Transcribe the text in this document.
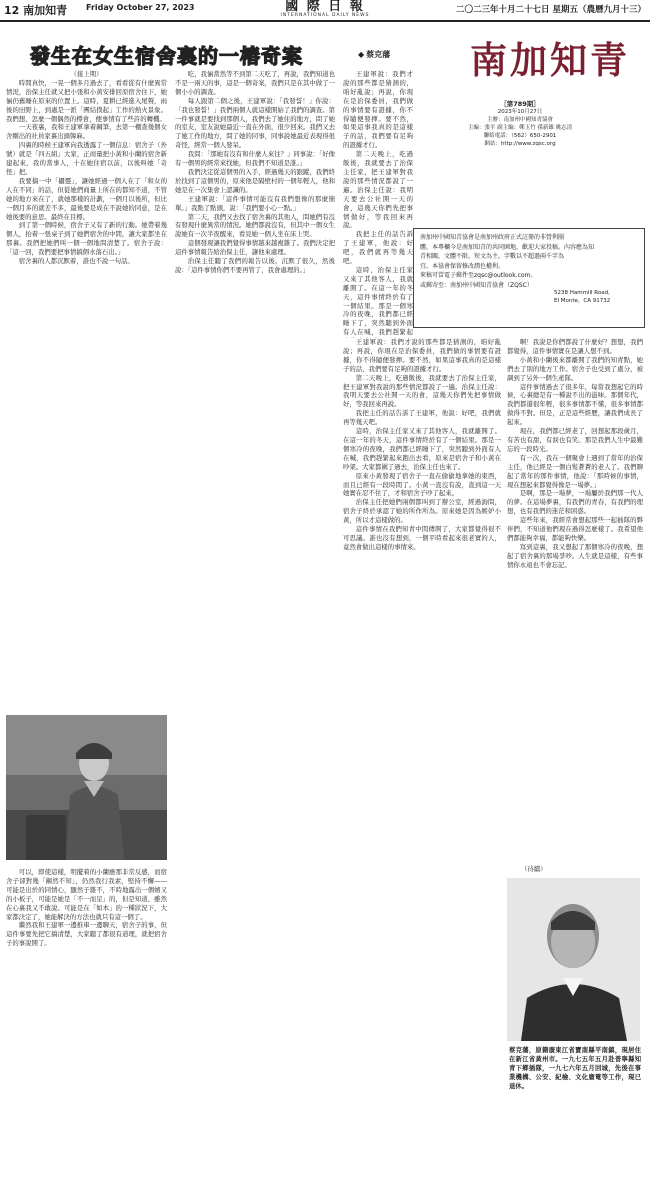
12 南加知青 Friday October 27, 2023	國 際 日 報
INTERNATIONAL DAILY NEWS
二〇二三年十月二十七日 星期五（農曆九月十三）
發生在女生宿舍裏的一樁奇案	◆ 蔡克藩 南加知青
［第789期］
2023年10月27日
主辦：南加州中國知青協會
主編：張平 副主編：鄭玉竹 孫新雄 姚志清
聯絡電話：（562）650-2901
網站：http://www.zqsc.org
南加州中國知青協會是南加州政府正式註冊的非營利團
體。本專欄今是南加知青的共同園地，歡迎大家投稿。內容應為知
青相關，文體不限。短文為主，字數以不超過兩千字為
宜。本協會保留修改潤色權利。
來稿可當電子郵件至zqsc@outlook.com。
或郵寄至：南加州中國知青協會（ZQSC）
5238 Hammill Road,
El Monte，CA 91732

（接上期）

時間真快，一晃一個多月過去了，看看從有什麼異常情況，治保主任就又把小張和小黃安排回原宿舍住下，她倆仍舊睡在原來的位置上。這時，夏耕已經進入尾聲，雨後的田野上，到處是一派「團結撲起」工作的熱火景象。我們想，怎麼一個偶然的標會，便事情有了些許的轉機。

一天夜裏，我和王建軍拿着鋼筆，去第一棚查幾個女舍剛出的社員家裏出頭韓麻。

四裏的時候王建軍向我透露了一個信息：宿舍子（外號）就是「四五組」大家，正商量把小黃和小蘭的宿舍新建起來，我的當事人，十在她住宿以前，以後叫她「奇怪」把。

我要搞一中「攝靈」，讓她經過一個人在了「和女的人在不同」的話，但從她們商量上所在的都知不道，不管她的地方來在了，就她那樣的計劃，一個月以後所，但比一個月多的就差不多，最後要是成在不說她的同意，是在她後要的意思。最終在目標。

到了第一個時候，宿舍子又有了新的行動。她帶着幾個人，抬着一張桌子到了她們宿舍的中間，讓大家都坐在那裏。我們把她們叫一個一個地問清楚了。宿舍子說：「這一回，我們要把事情搞個水落石出。」

宿舍裏的人都沉默着，誰也不說一句話。

可以，即使這樣，明擺着的小蘭應那非常反感，而宿舍子卻對幾「鋼然不知」，仍然我行我素，堅持不懈——可能是出於的同情心，顯然子雜不，不時地露出一個嬉又的小板子，可能是她是「不一而足」的，但是知道，雖然在心裏我又不敢說。可能是在「如本」的一種狀況下，大家都決定了，她能解決的方法也就只有這一個了。

繼然我和王建軍一邊推車一邊聊天，宿舍子的事，但這件事要先把它搞清楚，大家聽了都很有道理，就把宿舍子的事說開了。

吃，我倆當然等不到第二天吃了，再說，我們知道也不是一兩天的事，這是一個奇案，我們只是在其中做了一個小小的調查。

每人跟第二個之後，王建軍說：「我發誓！」你說：「我也發誓！」我們兩個人就這樣開始了我們的調查。第一件事就是要找到那個人，我們去了她住的地方，問了她的室友，室友說她最近一直在外面，很少回來。我們又去了她工作的地方，問了她的同事，同事說她最近表現得很奇怪，經常一個人發呆。

我問：「那她有沒有和什麼人來往？」同事說：「好像有一個男的經常來找她，但我們不知道是誰。」

我們決定從這個男的入手，經過幾天的跟蹤，我們終於找到了這個男的，原來他是隔壁村的一個年輕人，他和她是在一次集會上認識的。

王建軍說：「這件事情可能沒有我們想像的那麼簡單。」我點了點頭，說：「我們要小心一點。」

第二天，我們又去找了宿舍裏的其他人，問她們有沒有發現什麼異常的情況。她們都說沒有，但其中一個女生說她有一次半夜醒來，看見她一個人坐在床上哭。

這個發現讓我們覺得事情越來越複雜了。我們決定把這件事情報告給治保主任，讓他來處理。

治保主任聽了我們的報告以後，沉默了很久，然後說：「這件事情你們不要再管了，我會處理的。」

王建軍說：我們才說的那些都是猜測的，咱好亂說；再說，你現在是治保委員，我們做的事情要有證據，你不得隨便發揮。要不然，如果這事我真的是這樣子的話，我們要有足夠的證據才行。

第二天晚上，吃過飯後，我就要去了治保主任家，把王建軍對我說的那些情況都說了一遍。治保主任說：我明天要去公社開一天的會，這幾天你們先把事情做好，等我回來再說。

我把主任的話告訴了王建軍，他說：好吧，我們就再等幾天吧。

這時，治保主任家又來了其他客人，我就離開了。在這一年的冬天，這件事情終於有了一個結果。那是一個寒冷的夜晚，我們都已經睡下了，突然聽到外面有人在喊，我們趕緊起

王建軍說：我們才說的那些都是猜測的，咱好亂說；再說，你現在是治保委員，我們做的事情要有證據，你不得隨便發揮。要不然，如果這事我真的是這樣子的話，我們要有足夠的證據才行。

第二天晚上，吃過飯後，我就要去了治保主任家，把王建軍對我說的那些情況都說了一遍。治保主任說：我明天要去公社開一天的會，這幾天你們先把事情做好，等我回來再說。

我把主任的話告訴了王建軍，他說：好吧，我們就再等幾天吧。

這時，治保主任家又來了其他客人，我就離開了。在這一年的冬天，這件事情終於有了一個結果。那是一個寒冷的夜晚，我們都已經睡下了，突然聽到外面有人在喊，我們趕緊起來跑出去看，原來是宿舍子和小黃在吵架。大家都圍了過去，治保主任也來了。

原來小黃發現了宿舍子一直在偷偷地拿她的東西，而且已經有一段時間了。小黃一直沒有說，直到這一天她實在忍不住了，才和宿舍子吵了起來。

治保主任把她們兩個都叫到了辦公室，經過詢問，宿舍子終於承認了她的所作所為。原來她是因為嫉妒小黃，所以才這樣做的。

這件事情在我們知青中間傳開了，大家都覺得很不可思議。誰也沒有想到，一個平時看起來很老實的人，竟然會做出這樣的事情來。

啊！我說是你們都說了什麼好？想想，我們都覺得，這件事情實在是讓人想不到。

小黃和小蘭後來都離開了我們的知青點，她們去了別的地方工作。宿舍子也受到了處分，被調到了另外一個生產隊。

這件事情過去了很多年，每當我想起它的時候，心裏總是有一種說不出的滋味。那個年代，我們都還很年輕，很多事情都不懂，很多事情都做得不對。但是，正是這些經歷，讓我們成長了起來。

現在，我們都已經老了，回想起那段歲月，有苦也有甜，有淚也有笑。那是我們人生中最難忘的一段時光。

有一次，我在一個聚會上遇到了當年的治保主任，他已經是一個白髮蒼蒼的老人了。我們聊起了當年的那件事情，他說：「那時候的事情，現在想起來都覺得像是一場夢。」

是啊，那是一場夢，一場屬於我們那一代人的夢。在這場夢裏，有我們的青春，有我們的理想，也有我們的迷茫和困惑。

這些年來，我經常會想起那些一起插隊的夥伴們，不知道他們現在過得怎麼樣了。我希望他們都能夠幸福，都能夠快樂。

寫到這裏，我又想起了那個寒冷的夜晚，想起了宿舍裏的那場爭吵。人生就是這樣，有些事情你永遠也不會忘記。

（待續）
蔡克藩，原籍廣東江省寶南縣平南鎮，現居住在新江省黃州市。一九七五年五月赴普寧縣知青下鄉插隊，一九七六年五月回城，先後在事業機構、公安、紀檢、文化廣電等工作，現已退休。
